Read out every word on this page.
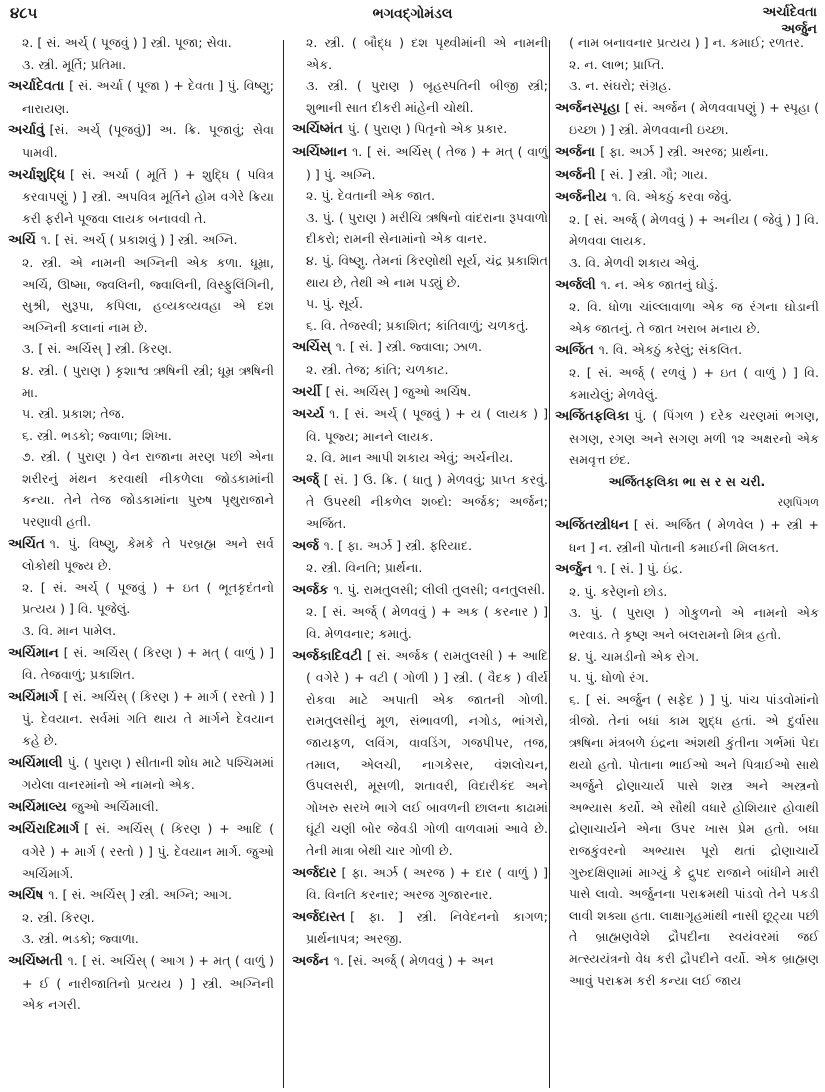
૪૮૫	ભગવદ્ગોમંડલ	અર્ચાદેવતા
અર્જુન
૨. [ સં. અર્ચ્ ( પૂજવું ) ] સ્ત્રી. પૂજા; સેવા.
૩. સ્ત્રી. મૂર્તિ; પ્રતિમા.
અર્ચાદેવતા [ સં. અર્ચા ( પૂજા ) + દેવતા ] પું. વિષ્ણુ; નારાયણ.
અર્ચાવું [સં. અર્ચ્ (પૂજવું)] અ. ક્રિ. પૂજાવું; સેવા પામવી.
અર્ચાશુદ્ધિ [ સં. અર્ચા ( મૂર્તિ ) + શુદ્ધિ ( પવિત્ર કરવાપણું ) ] સ્ત્રી. અપવિત્ર મૂર્તિને હોમ વગેરે ક્રિયા કરી ફરીને પૂજવા લાયક બનાવવી તે.
અર્ચિ ૧. [ સં. અર્ચ્ ( પ્રકાશવું ) ] સ્ત્રી. અગ્નિ.
૨. સ્ત્રી. એ નામની અગ્નિની એક કળા. ધૂમ્રા, અર્ચિ, ઊષ્મા, જ્વલિની, જ્વાલિની, વિસ્ફુલિંગિની, સુશ્રી, સુરૂપા, કપિલા, હવ્યકવ્યવહા એ દશ અગ્નિની કલાનાં નામ છે.
૩. [ સં. અર્ચિસ્ ] સ્ત્રી. કિરણ.
૪. સ્ત્રી. ( પુરાણ ) કૃશાશ્વ ઋષિની સ્ત્રી; ધૂમ્ર ઋષિની મા.
૫. સ્ત્રી. પ્રકાશ; તેજ.
૬. સ્ત્રી. ભડકો; જ્વાળા; શિખા.
૭. સ્ત્રી. ( પુરાણ ) વેન રાજાના મરણ પછી એના શરીરનું મંથન કરવાથી નીકળેલા જોડકામાંની કન્યા. તેને તેજ જોડકામાંના પુરુષ પૃથુરાજાને પરણાવી હતી.
અર્ચિત ૧. પું. વિષ્ણુ, કેમકે તે પરબ્રહ્મ અને સર્વ લોકોથી પૂજ્ય છે.
૨. [ સં. અર્ચ્ ( પૂજવું ) + ઇત ( ભૂતકૃદંતનો પ્રત્યય ) ] વિ. પૂજેલું.
૩. વિ. માન પામેલ.
અર્ચિમાન [ સં. અર્ચિસ્ ( કિરણ ) + મત્ ( વાળું ) ] વિ. તેજવાળું; પ્રકાશિત.
અર્ચિમાર્ગ [ સં. અર્ચિસ્ ( કિરણ ) + માર્ગ ( રસ્તો ) ] પું. દેવયાન. સર્વમાં ગતિ થાય તે માર્ગને દેવયાન કહે છે.
અર્ચિમાલી પું. ( પુરાણ ) સીતાની શોધ માટે પશ્ચિમમાં ગયેલા વાનરમાંનો એ નામનો એક.
અર્ચિમાલ્ય જુઓ અર્ચિમાલી.
અર્ચિરાદિમાર્ગ [ સં. અર્ચિસ્ ( કિરણ ) + આદિ ( વગેરે ) + માર્ગ ( રસ્તો ) ] પું. દેવયાન માર્ગ. જુઓ અર્ચિમાર્ગ.
અર્ચિષ ૧. [ સં. અર્ચિસ્ ] સ્ત્રી. અગ્નિ; આગ.
૨. સ્ત્રી. કિરણ.
૩. સ્ત્રી. ભડકો; જ્વાળા.
અર્ચિષ્મતી ૧. [ સં. અર્ચિસ્ ( આગ ) + મત્ ( વાળું ) + ઈ ( નારીજાતિનો પ્રત્યય ) ] સ્ત્રી. અગ્નિની એક નગરી.
૨. સ્ત્રી. ( બૌદ્ધ ) દશ પૃથ્વીમાંની એ નામની એક.
૩. સ્ત્રી. ( પુરાણ ) બૃહસ્પતિની બીજી સ્ત્રી; શુભાની સાત દીકરી માંહેની ચોથી.
અર્ચિષ્મંત પું. ( પુરાણ ) પિતૃનો એક પ્રકાર.
અર્ચિષ્માન ૧. [ સં. અર્ચિસ્ ( તેજ ) + મત્ ( વાળું ) ] પું. અગ્નિ.
૨. પું. દેવતાની એક જાત.
૩. પું. ( પુરાણ ) મરીચિ ઋષિનો વાંદરાના રૂપવાળો દીકરો; રામની સેનામાંનો એક વાનર.
૪. પું. વિષ્ણુ. તેમનાં કિરણોથી સૂર્ય, ચંદ્ર પ્રકાશિત થાય છે, તેથી એ નામ પડ્યું છે.
૫. પું. સૂર્ય.
૬. વિ. તેજસ્વી; પ્રકાશિત; કાંતિવાળું; ચળકતું.
અર્ચિસ્ ૧. [ સં. ] સ્ત્રી. જ્વાલા; ઝાળ.
૨. સ્ત્રી. તેજ; કાંતિ; ચળકાટ.
અર્ચી [ સં. અર્ચિસ્ ] જુઓ અર્ચિષ.
અર્ચ્ય ૧. [ સં. અર્ચ્ ( પૂજવું ) + ય ( લાયક ) ] વિ. પૂજ્ય; માનને લાયક.
૨. વિ. માન આપી શકાય એવું; અર્ચનીય.
અર્જ્ [ સં. ] ઉ. ક્રિ. ( ધાતુ ) મેળવવું; પ્રાપ્ત કરવું. તે ઉપરથી નીકળેલ શબ્દો: અર્જક; અર્જન; અર્જિત.
અર્જ ૧. [ ફા. અર્ઝ ] સ્ત્રી. ફરિયાદ.
૨. સ્ત્રી. વિનતિ; પ્રાર્થના.
અર્જક ૧. પું. રામતુલસી; લીલી તુલસી; વનતુલસી.
૨. [ સં. અર્જ્ ( મેળવવું ) + અક ( કરનાર ) ] વિ. મેળવનાર; કમાતું.
અર્જકાદિવટી [ સં. અર્જક ( રામતુલસી ) + આદિ ( વગેરે ) + વટી ( ગોળી ) ] સ્ત્રી. ( વૈદક ) વીર્ય રોકવા માટે અપાતી એક જાતની ગોળી. રામતુલસીનું મૂળ, સંભાવળી, નગોડ, ભાંગરો, જાયફળ, લવિંગ, વાવડિંગ, ગજપીપર, તજ, તમાલ, એલચી, નાગકેસર, વંશલોચન, ઉપલસરી, મૂસળી, શતાવરી, વિદારીકંદ અને ગોખરુ સરખે ભાગે લઈ બાવળની છાલના કાઢામાં ઘૂંટી ચણી બોર જેવડી ગોળી વાળવામાં આવે છે. તેની માત્રા બેથી ચાર ગોળી છે.
અર્જદાર [ ફા. અર્ઝ ( અરજ ) + દાર ( વાળું ) ] વિ. વિનતિ કરનાર; અરજ ગુજારનાર.
અર્જદાસ્ત [ ફા. ] સ્ત્રી. નિવેદનનો કાગળ; પ્રાર્થનાપત્ર; અરજી.
અર્જન ૧. [સં. અર્જ્ ( મેળવવું ) + અન
( નામ બનાવનાર પ્રત્યય ) ] ન. કમાઈ; રળતર.
૨. ન. લાભ; પ્રાપ્તિ.
૩. ન. સંઘરો; સંગ્રહ.
અર્જનસ્પૃહા [ સં. અર્જન ( મેળવવાપણું ) + સ્પૃહા ( ઇચ્છા ) ] સ્ત્રી. મેળવવાની ઇચ્છા.
અર્જના [ ફા. અર્ઝ ] સ્ત્રી. અરજ; પ્રાર્થના.
અર્જની [ સં. ] સ્ત્રી. ગૌ; ગાય.
અર્જનીય ૧. વિ. એકઠું કરવા જેવું.
૨. [ સં. અર્જ્ ( મેળવવું ) + અનીય ( જેવું ) ] વિ. મેળવવા લાયક.
૩. વિ. મેળવી શકાય એવું.
અર્જલી ૧. ન. એક જાતનું ઘોડું.
૨. વિ. ધોળા ચાંલ્લાવાળા એક જ રંગના ઘોડાની એક જાતનું. તે જાત ખરાબ મનાય છે.
અર્જિત ૧. વિ. એકઠું કરેલું; સંકલિત.
૨. [ સં. અર્જ્ ( રળવું ) + ઇત ( વાળું ) ] વિ. કમાયેલું; મેળવેલું.
અર્જિતફલિકા પું. ( પિંગળ ) દરેક ચરણમાં ભગણ, સગણ, રગણ અને સગણ મળી ૧૨ અક્ષરનો એક સમવૃત્ત છંદ.
અર્જિતફલિકા ભા સ ર સ ચરી.
રણપિંગળ
અર્જિતસ્ત્રીધન [ સં. અર્જિત ( મેળવેલ ) + સ્ત્રી + ધન ] ન. સ્ત્રીની પોતાની કમાઈની મિલકત.
અર્જુન ૧. [ સં. ] પું. ઇંદ્ર.
૨. પું. કરેણનો છોડ.
૩. પું. ( પુરાણ ) ગોકુળનો એ નામનો એક ભરવાડ. તે કૃષ્ણ અને બલરામનો મિત્ર હતો.
૪. પું. ચામડીનો એક રોગ.
૫. પું. ધોળો રંગ.
૬. [ સં. અર્જુન ( સફેદ ) ] પું. પાંચ પાંડવોમાંનો ત્રીજો. તેનાં બધાં કામ શુદ્ધ હતાં. એ દુર્વાસા ઋષિના મંત્રબળે ઇંદ્રના અંશથી કુંતીના ગર્ભમાં પેદા થયો હતો. પોતાના ભાઈઓ અને પિત્રાઈઓ સાથે અર્જુને દ્રોણાચાર્ય પાસે શસ્ત્ર અને અસ્ત્રનો અભ્યાસ કર્યો. એ સૌથી વધારે હોશિયાર હોવાથી દ્રોણાચાર્યને એના ઉપર ખાસ પ્રેમ હતો. બધા રાજકુંવરનો અભ્યાસ પૂરો થતાં દ્રોણાચાર્યે ગુરુદક્ષિણામાં માગ્યું કે દ્રુપદ રાજાને બાંધીને મારી પાસે લાવો. અર્જુનના પરાક્રમથી પાંડવો તેને પકડી લાવી શક્યા હતા. લાક્ષાગૃહમાંથી નાસી છૂટ્યા પછી તે બ્રાહ્મણવેશે દ્રૌપદીના સ્વયંવરમાં જઈ મત્સ્યયંત્રનો વેધ કરી દ્રૌપદીને વર્યો. એક બ્રાહ્મણ આવું પરાક્રમ કરી કન્યા લઈ જાય
